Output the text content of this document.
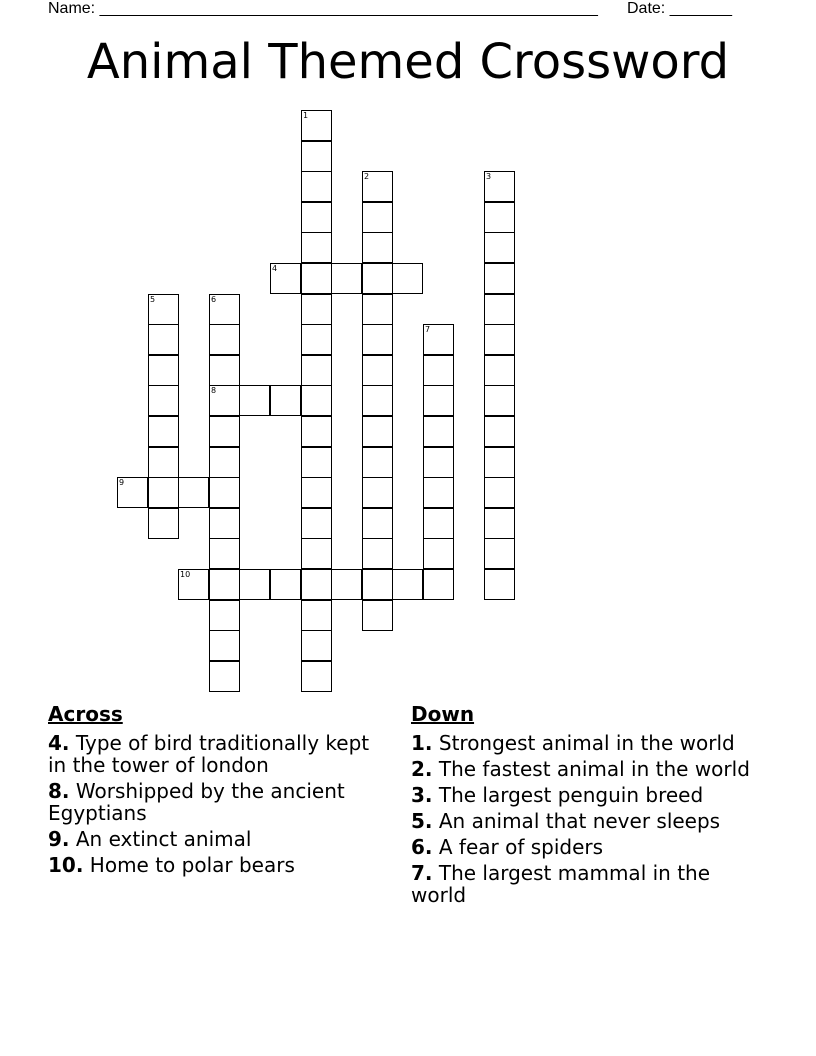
Name: ________________________________________________________ Date: _______
Animal Themed Crossword
1
2	3
4
5	6
8
7
9
10
Across
4. Type of bird traditionally kept in the tower of london
8. Worshipped by the ancient Egyptians
9. An extinct animal
10. Home to polar bears
Down
1. Strongest animal in the world
2. The fastest animal in the world
3. The largest penguin breed
5. An animal that never sleeps
6. A fear of spiders
7. The largest mammal in the world
